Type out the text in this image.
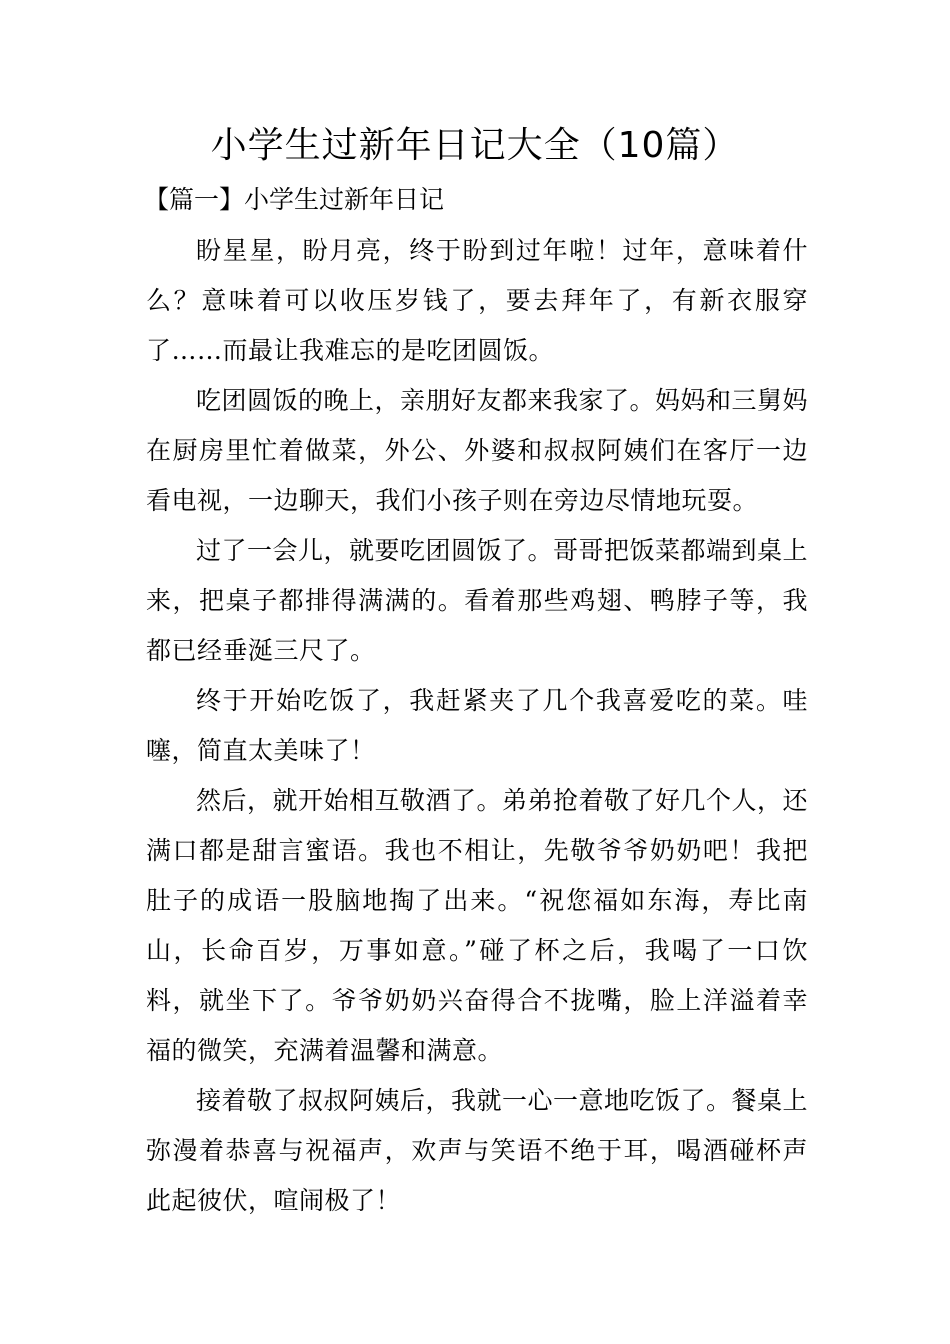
小学生过新年日记大全（10篇）
【篇一】小学生过新年日记

盼星星，盼月亮，终于盼到过年啦！过年，意味着什么？意味着可以收压岁钱了，要去拜年了，有新衣服穿了……而最让我难忘的是吃团圆饭。

吃团圆饭的晚上，亲朋好友都来我家了。妈妈和三舅妈在厨房里忙着做菜，外公、外婆和叔叔阿姨们在客厅一边看电视，一边聊天，我们小孩子则在旁边尽情地玩耍。

过了一会儿，就要吃团圆饭了。哥哥把饭菜都端到桌上来，把桌子都排得满满的。看着那些鸡翅、鸭脖子等，我都已经垂涎三尺了。

终于开始吃饭了，我赶紧夹了几个我喜爱吃的菜。哇噻，简直太美味了！

然后，就开始相互敬酒了。弟弟抢着敬了好几个人，还满口都是甜言蜜语。我也不相让，先敬爷爷奶奶吧！我把肚子的成语一股脑地掏了出来。“祝您福如东海，寿比南山，长命百岁，万事如意。”碰了杯之后，我喝了一口饮料，就坐下了。爷爷奶奶兴奋得合不拢嘴，脸上洋溢着幸福的微笑，充满着温馨和满意。

接着敬了叔叔阿姨后，我就一心一意地吃饭了。餐桌上弥漫着恭喜与祝福声，欢声与笑语不绝于耳，喝酒碰杯声此起彼伏，喧闹极了！
